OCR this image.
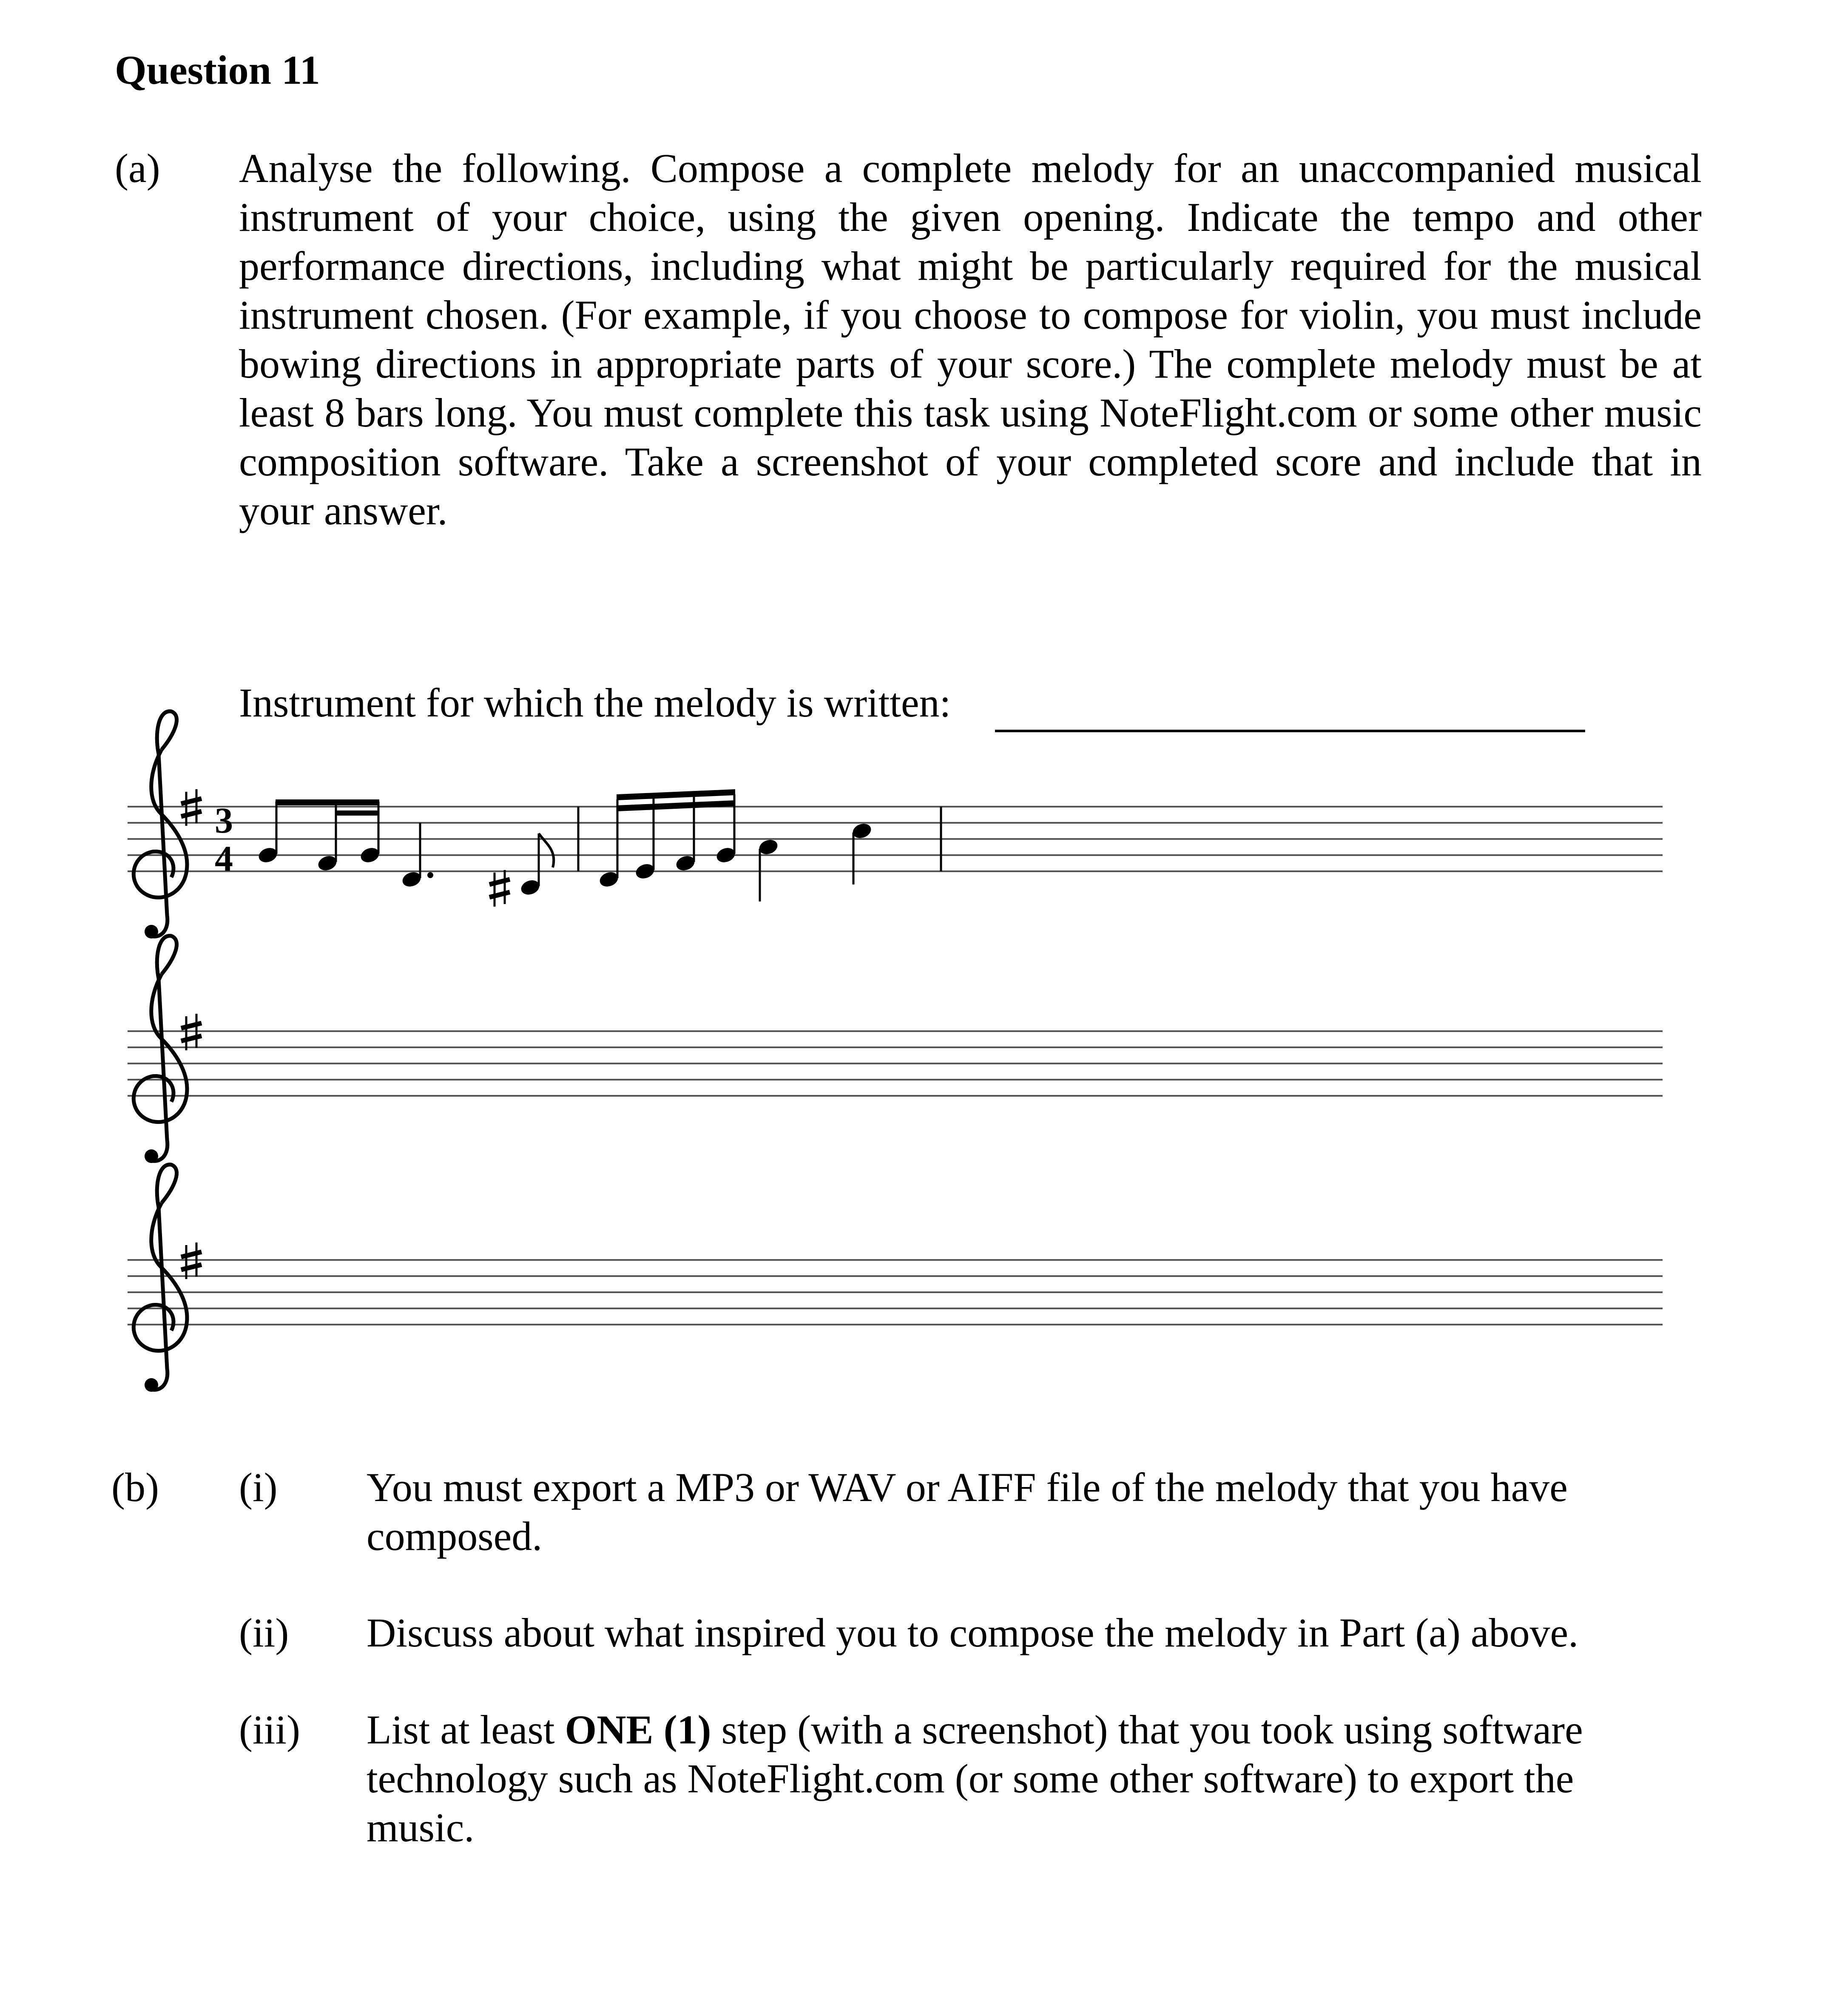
Question 11
(a) Analyse the following. Compose a complete melody for an unaccompanied musical instrument of your choice, using the given opening. Indicate the tempo and other performance directions, including what might be particularly required for the musical instrument chosen. (For example, if you choose to compose for violin, you must include bowing directions in appropriate parts of your score.) The complete melody must be at least 8 bars long. You must complete this task using NoteFlight.com or some other music composition software. Take a screenshot of your completed score and include that in your answer.
Instrument for which the melody is written:
3
4
(b) (i) You must export a MP3 or WAV or AIFF file of the melody that you have composed.
(ii) Discuss about what inspired you to compose the melody in Part (a) above.
(iii) List at least ONE (1) step (with a screenshot) that you took using software technology such as NoteFlight.com (or some other software) to export the music.
